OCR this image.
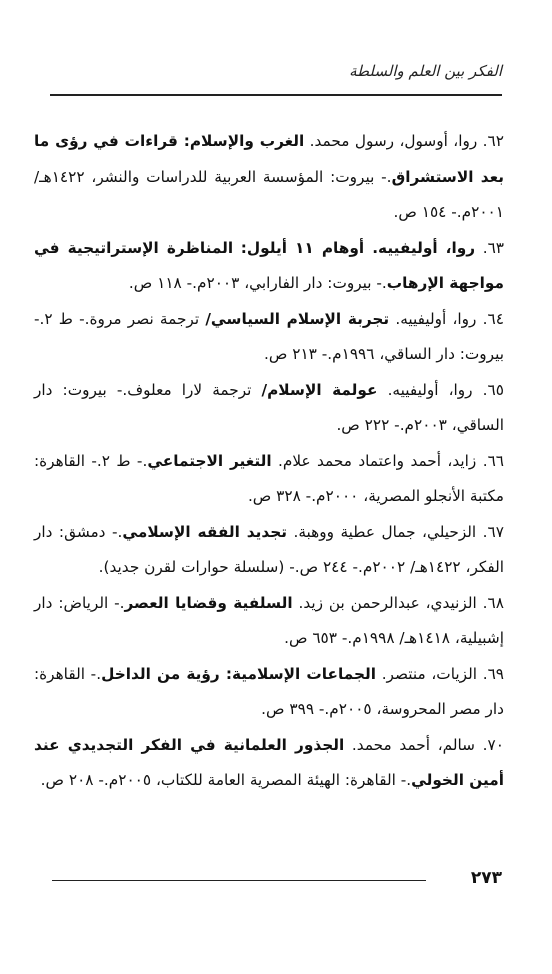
الفكر بين العلم والسلطة

٦٢. روا، أوسول، رسول محمد. الغرب والإسلام: قراءات في رؤى ما بعد الاستشراق.- بيروت: المؤسسة العربية للدراسات والنشر، ١٤٢٢هـ/ ٢٠٠١م.- ١٥٤ ص.

٦٣. روا، أوليفييه. أوهام ١١ أيلول: المناظرة الإستراتيجية في مواجهة الإرهاب.- بيروت: دار الفارابي، ٢٠٠٣م.- ١١٨ ص.

٦٤. روا، أوليفييه. تجربة الإسلام السياسي/ ترجمة نصر مروة.- ط ٢.- بيروت: دار الساقي، ١٩٩٦م.- ٢١٣ ص.

٦٥. روا، أوليفييه. عولمة الإسلام/ ترجمة لارا معلوف.- بيروت: دار الساقي، ٢٠٠٣م.- ٢٢٢ ص.

٦٦. زايد، أحمد واعتماد محمد علام. التغير الاجتماعي.- ط ٢.- القاهرة: مكتبة الأنجلو المصرية، ٢٠٠٠م.- ٣٢٨ ص.

٦٧. الزحيلي، جمال عطية ووهبة. تجديد الفقه الإسلامي.- دمشق: دار الفكر، ١٤٢٢هـ/ ٢٠٠٢م.- ٢٤٤ ص.- (سلسلة حوارات لقرن جديد).

٦٨. الزنيدي، عبدالرحمن بن زيد. السلفية وقضايا العصر.- الرياض: دار إشبيلية، ١٤١٨هـ/ ١٩٩٨م.- ٦٥٣ ص.

٦٩. الزيات، منتصر. الجماعات الإسلامية: رؤية من الداخل.- القاهرة: دار مصر المحروسة، ٢٠٠٥م.- ٣٩٩ ص.

٧٠. سالم، أحمد محمد. الجذور العلمانية في الفكر التجديدي عند أمين الخولي.- القاهرة: الهيئة المصرية العامة للكتاب، ٢٠٠٥م.- ٢٠٨ ص.

٢٧٣
